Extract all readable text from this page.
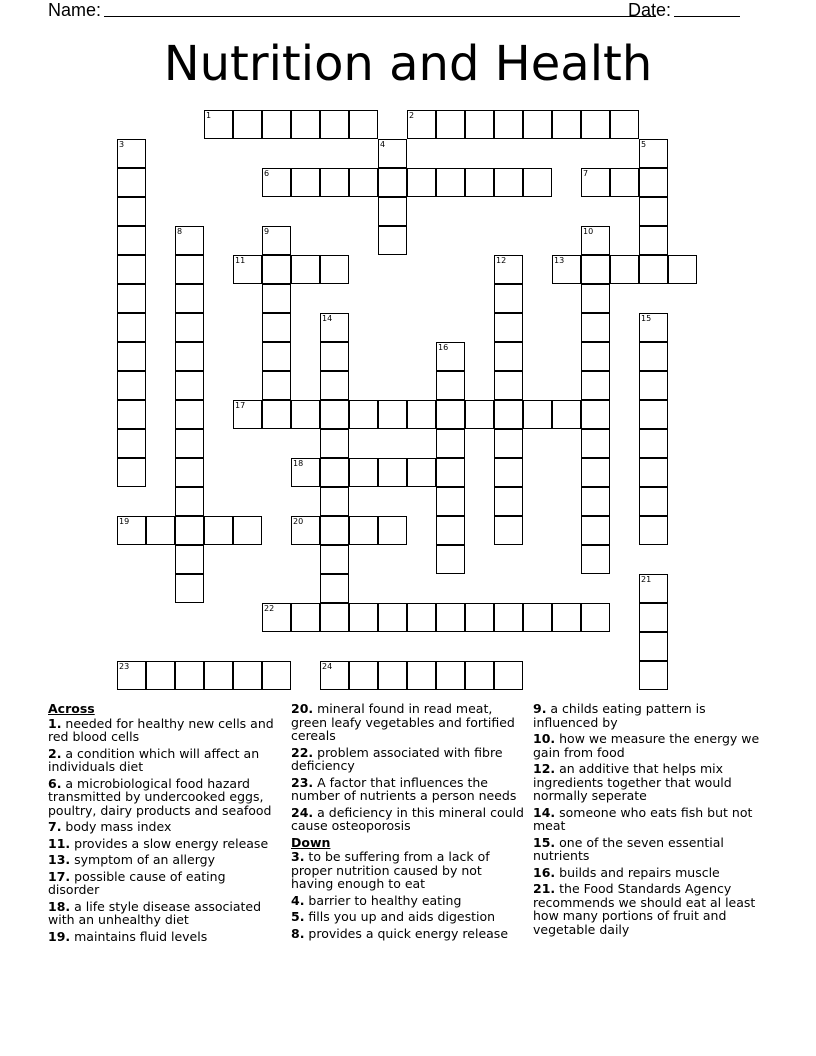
Name:	Date:
Nutrition and Health
1	2
6	7
11	13
17
18
19	20
22
23	24
3	4	5
8	9	10
12
14	15
16
21
Across
1. needed for healthy new cells and red blood cells
2. a condition which will affect an individuals diet
6. a microbiological food hazard transmitted by undercooked eggs, poultry, dairy products and seafood
7. body mass index
11. provides a slow energy release
13. symptom of an allergy
17. possible cause of eating disorder
18. a life style disease associated with an unhealthy diet
19. maintains fluid levels
20. mineral found in read meat, green leafy vegetables and fortified cereals
22. problem associated with fibre deficiency
23. A factor that influences the number of nutrients a person needs
24. a deficiency in this mineral could cause osteoporosis
Down
3. to be suffering from a lack of proper nutrition caused by not having enough to eat
4. barrier to healthy eating
5. fills you up and aids digestion
8. provides a quick energy release
9. a childs eating pattern is influenced by
10. how we measure the energy we gain from food
12. an additive that helps mix ingredients together that would normally seperate
14. someone who eats fish but not meat
15. one of the seven essential nutrients
16. builds and repairs muscle
21. the Food Standards Agency recommends we should eat al least how many portions of fruit and vegetable daily
